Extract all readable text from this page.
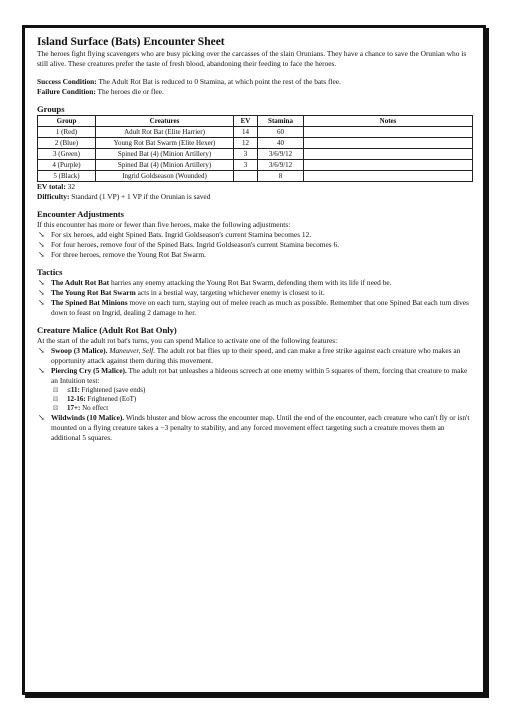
Island Surface (Bats) Encounter Sheet

The heroes fight flying scavengers who are busy picking over the carcasses of the slain Orunians. They have a chance to save the Orunian who is still alive. These creatures prefer the taste of fresh blood, abandoning their feeding to face the heroes.

Success Condition: The Adult Rot Bat is reduced to 0 Stamina, at which point the rest of the bats flee.

Failure Condition: The heroes die or flee.

Groups
Group	Creatures	EV	Stamina	Notes
1 (Red)	Adult Rot Bat (Elite Harrier)	14	60	
2 (Blue)	Young Rot Bat Swarm (Elite Hexer)	12	40	
3 (Green)	Spined Bat (4) (Minion Artillery)	3	3/6/9/12	
4 (Purple)	Spined Bat (4) (Minion Artillery)	3	3/6/9/12	
5 (Black)	Ingrid Goldseason (Wounded)		8	

EV total: 32

Difficulty: Standard (1 VP) + 1 VP if the Orunian is saved

Encounter Adjustments

If this encounter has more or fewer than five heroes, make the following adjustments:

↘ For six heroes, add eight Spined Bats. Ingrid Goldseason's current Stamina becomes 12.
↘ For four heroes, remove four of the Spined Bats. Ingrid Goldseason's current Stamina becomes 6.
↘ For three heroes, remove the Young Rot Bat Swarm.
Tactics
↘ The Adult Rot Bat harries any enemy attacking the Young Rot Bat Swarm, defending them with its life if need be.
↘ The Young Rot Bat Swarm acts in a bestial way, targeting whichever enemy is closest to it.
↘ The Spined Bat Minions move on each turn, staying out of melee reach as much as possible. Remember that one Spined Bat each turn dives down to feast on Ingrid, dealing 2 damage to her.
Creature Malice (Adult Rot Bat Only)

At the start of the adult rot bat's turns, you can spend Malice to activate one of the following features:

↘ Swoop (3 Malice). Maneuver, Self. The adult rot bat flies up to their speed, and can make a free strike against each creature who makes an opportunity attack against them during this movement.
↘ Piercing Cry (5 Malice). The adult rot bat unleashes a hideous screech at one enemy within 5 squares of them, forcing that creature to make an Intuition test:
⚄ ≤11: Frightened (save ends)
⚄ 12-16: Frightened (EoT)
⚄ 17+: No effect
↘ Wildwinds (10 Malice). Winds bluster and blow across the encounter map. Until the end of the encounter, each creature who can't fly or isn't mounted on a flying creature takes a −3 penalty to stability, and any forced movement effect targeting such a creature moves them an additional 5 squares.
